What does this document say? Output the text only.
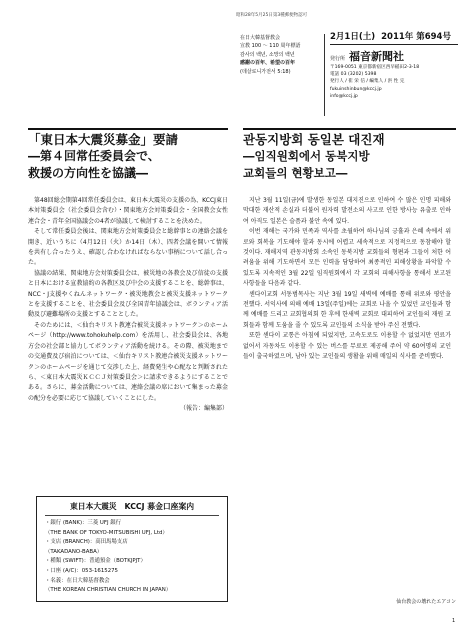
昭和28年5月25日第3種郵便物認可
在日大韓基督教会
宣教 100 ～ 110 周年標語
감사의 백년, 소망의 백년
感謝の百年、希望の百年
(데살로니가전서 5:18)
2月1日(土) 2011年 第694号
発行所 福音新聞社
〒169-0051 東京都新宿区西早稲田2-3-18
電話 03 (3202) 5398
発行人 / 崔 栄 信 / 編集人 / 洪 性 完
fukuinshinbun@kccj.jp
info@kccj.jp
「東日本大震災募金」要請
―第４回常任委員会で、
救援の方向性を協議―
관동지방회 동일본 대진재
―임직원회에서 동북지방
교회들의 현황보고―

第48回総会期第4回常任委員会は、東日本大震災の支援の為、KCCJ東日本対策委員会（社会委員会含む）・関東地方会対策委員会・全国教会女性連合会・青年全国協議会の4者が協議して検討することを決めた。

そして常任委員会後は、関東地方会対策委員会と総幹事との連絡会議を開き、近いうちに（4月12日（火）か14日（木）、四者会議を開いて情報を共有し合ったうえ、確認し合わなければならない事柄について話し合った。

協議の結果、関東地方会対策委員会は、被災地の各教会及び信徒の支援と日本における宣教協約の各教区及び中会の支援することを、総幹事は、NCC・J支援やくねんネットワーク・被災地教会と被災支援ネットワークとを支援することを、社会委員会及び全国青年協議会は、ボランティア活動及び避難場所の支援とすることとした。

そのためには、＜仙台キリスト教連合被災支援ネットワーク＞のホームページ（http://www.tohokuhelp.com）を活用し、社会委員会は、各地方会の社会部と協力してボランティア活動を続ける。その際、被災地までの交通費及び宿泊については、＜仙台キリスト教連合被災支援ネットワーク＞のホームページを通じて交渉した上、経費発生や心配なと判断されたら、＜東日本大震災ＫＣＣＪ対策委員会＞に請求できるようにすることである。さらに、募金活動については、連絡会議の席において集まった募金の配分を必要に応じて協議していくことにした。

（報告：編集部）

지난 3월 11일(금)에 발생한 동일본 대지진으로 인하여 수 많은 인명 피해와 막대한 재산적 손실과 더불어 원자력 발전소의 사고로 인한 방사능 유출로 인하여 아직도 일본은 슬픔과 불안 속에 있다.

이번 재해는 국가와 민족과 역사를 초월하여 하나님의 긍휼과 은혜 속에서 위로와 회복을 기도해야 할과 동시에 어렵고 세속적으로 지정적으로 동참해야 할 것이다. 재해지역 관동지방회 소속인 동북지방 교회들의 형편과 그들이 처한 어려움을 위해 기도하면서 모든 인력을 담당하여 최종적인 피해상황을 파악할 수 있도록 지속적인 3월 22일 임직원회에서 각 교회의 피해사항을 통해서 보고된 사항들을 다음과 같다.

센다이교회 서동범목사는 지난 3월 19일 새벽에 예배를 통해 위로와 평안을 전했다. 서익사에 의해 예배 13일(주일)에는 교회로 나올 수 있었던 교인들과 함께 예배를 드리고 교회협의회 한 후에 한새벽 교회로 대피하여 교인들의 재원 교회들과 함께 도움을 줄 수 있도록 교인들의 소식을 받아 주신 전했다.

또한 센다이 교통은 아침에 되었지만, 고속도로도 이용할 수 없었지만 연료가 없어서 자동차도 이용할 수 있는 버스를 무료로 제공해 주어 약 60여명의 교인들이 출국하였으며, 남아 있는 교인들의 생활을 위해 매일의 식사를 준비했다.

東日本大震災　KCCJ 募金口座案内
・銀行 (BANK)：三菱 UFJ 銀行
（THE BANK OF TOKYO-MITSUBISHI UFJ, Ltd）
・支店 (BRANCH)：高田馬場支店
（TAKADANO-BABA）
・種類 (SWIFT)：普通預金（BOTKJPJT）
・口座 (A/C)：053-1615275
・名義：在日大韓基督教会
（THE KOREAN CHRISTIAN CHURCH IN JAPAN）
仙台教会の壊れたエアコン
1
